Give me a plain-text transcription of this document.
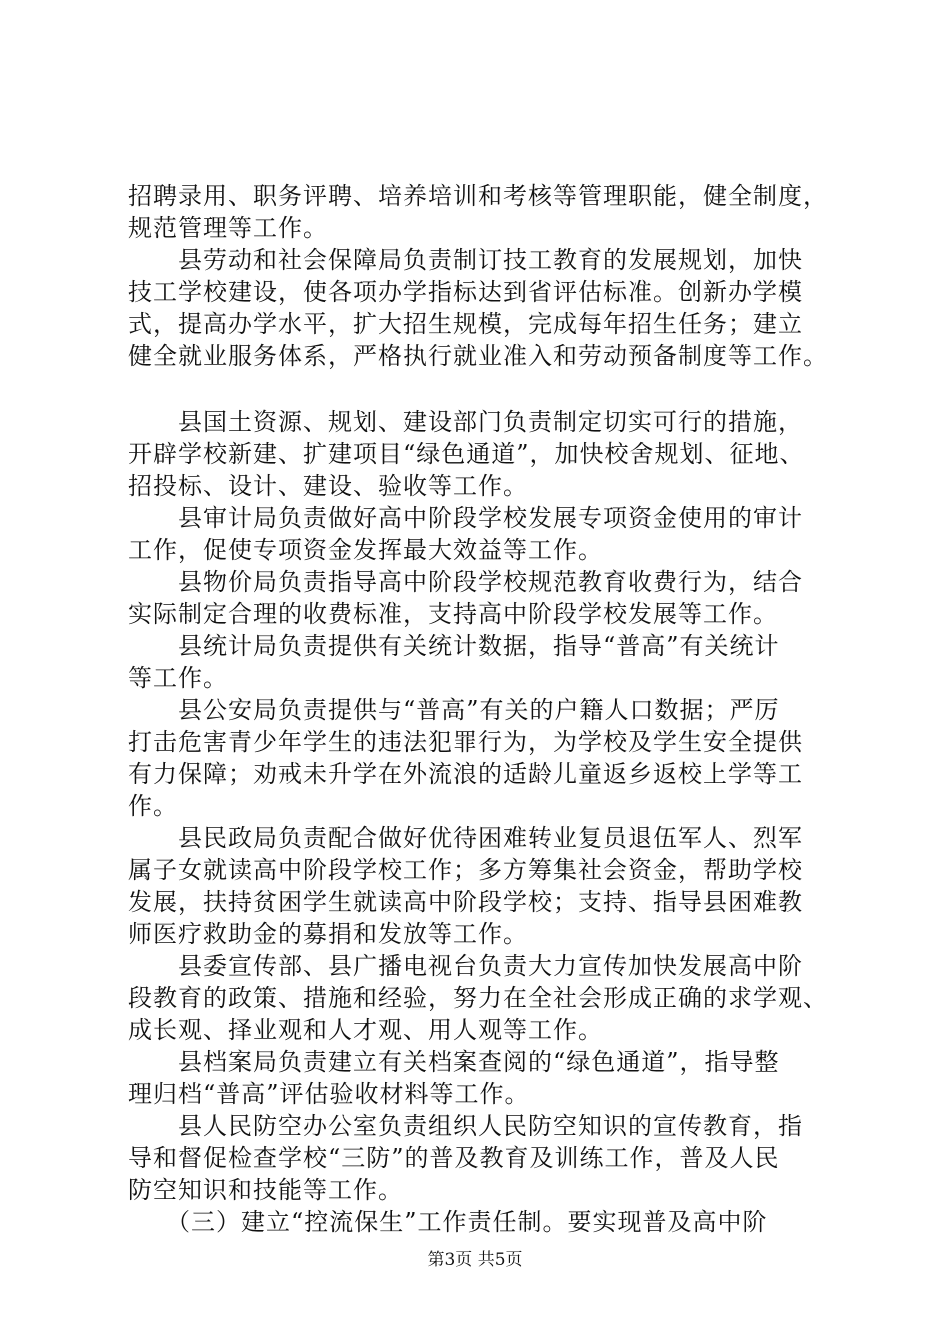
招聘录用、职务评聘、培养培训和考核等管理职能，健全制度，
规范管理等工作。
　　县劳动和社会保障局负责制订技工教育的发展规划，加快
技工学校建设，使各项办学指标达到省评估标准。创新办学模
式，提高办学水平，扩大招生规模，完成每年招生任务；建立
健全就业服务体系，严格执行就业准入和劳动预备制度等工作。
　　县国土资源、规划、建设部门负责制定切实可行的措施，
开辟学校新建、扩建项目“绿色通道”，加快校舍规划、征地、
招投标、设计、建设、验收等工作。
　　县审计局负责做好高中阶段学校发展专项资金使用的审计
工作，促使专项资金发挥最大效益等工作。
　　县物价局负责指导高中阶段学校规范教育收费行为，结合
实际制定合理的收费标准，支持高中阶段学校发展等工作。
　　县统计局负责提供有关统计数据，指导“普高”有关统计
等工作。
　　县公安局负责提供与“普高”有关的户籍人口数据；严厉
打击危害青少年学生的违法犯罪行为，为学校及学生安全提供
有力保障；劝戒未升学在外流浪的适龄儿童返乡返校上学等工
作。
　　县民政局负责配合做好优待困难转业复员退伍军人、烈军
属子女就读高中阶段学校工作；多方筹集社会资金，帮助学校
发展，扶持贫困学生就读高中阶段学校；支持、指导县困难教
师医疗救助金的募捐和发放等工作。
　　县委宣传部、县广播电视台负责大力宣传加快发展高中阶
段教育的政策、措施和经验，努力在全社会形成正确的求学观、
成长观、择业观和人才观、用人观等工作。
　　县档案局负责建立有关档案查阅的“绿色通道”，指导整
理归档“普高”评估验收材料等工作。
　　县人民防空办公室负责组织人民防空知识的宣传教育，指
导和督促检查学校“三防”的普及教育及训练工作，普及人民
防空知识和技能等工作。
　　（三）建立“控流保生”工作责任制。要实现普及高中阶
第3页 共5页
